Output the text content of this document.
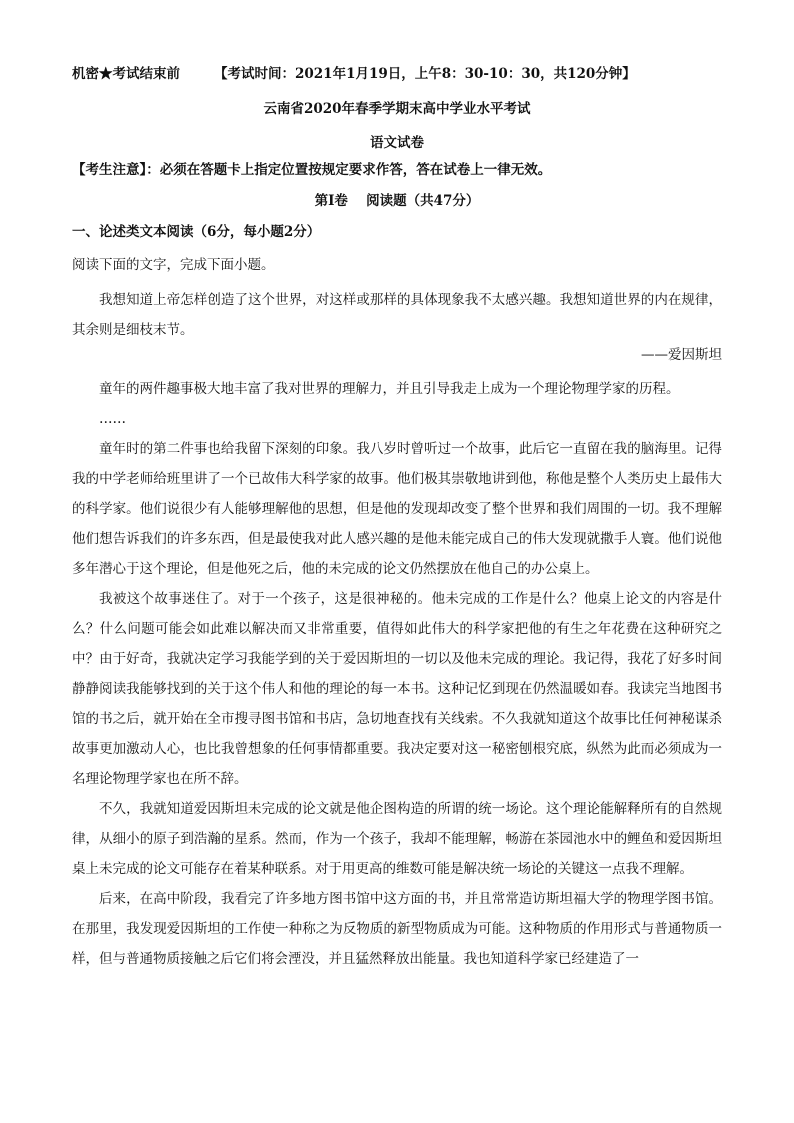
机密★考试结束前	【考试时间：2021年1月19日，上午8：30-10：30，共120分钟】
云南省2020年春季学期末高中学业水平考试
语文试卷
【考生注意】：必须在答题卡上指定位置按规定要求作答，答在试卷上一律无效。
第Ⅰ卷　 阅读题（共47分）
一、论述类文本阅读（6分，每小题2分）
阅读下面的文字，完成下面小题。

我想知道上帝怎样创造了这个世界，对这样或那样的具体现象我不太感兴趣。我想知道世界的内在规律，其余则是细枝末节。

——爱因斯坦

童年的两件趣事极大地丰富了我对世界的理解力，并且引导我走上成为一个理论物理学家的历程。

……

童年时的第二件事也给我留下深刻的印象。我八岁时曾听过一个故事，此后它一直留在我的脑海里。记得我的中学老师给班里讲了一个已故伟大科学家的故事。他们极其崇敬地讲到他，称他是整个人类历史上最伟大的科学家。他们说很少有人能够理解他的思想，但是他的发现却改变了整个世界和我们周围的一切。我不理解他们想告诉我们的许多东西，但是最使我对此人感兴趣的是他未能完成自己的伟大发现就撒手人寰。他们说他多年潜心于这个理论，但是他死之后，他的未完成的论文仍然摆放在他自己的办公桌上。

我被这个故事迷住了。对于一个孩子，这是很神秘的。他未完成的工作是什么？他桌上论文的内容是什么？什么问题可能会如此难以解决而又非常重要，值得如此伟大的科学家把他的有生之年花费在这种研究之中？由于好奇，我就决定学习我能学到的关于爱因斯坦的一切以及他未完成的理论。我记得，我花了好多时间静静阅读我能够找到的关于这个伟人和他的理论的每一本书。这种记忆到现在仍然温暖如春。我读完当地图书馆的书之后，就开始在全市搜寻图书馆和书店，急切地查找有关线索。不久我就知道这个故事比任何神秘谋杀故事更加激动人心，也比我曾想象的任何事情都重要。我决定要对这一秘密刨根究底，纵然为此而必须成为一名理论物理学家也在所不辞。

不久，我就知道爱因斯坦未完成的论文就是他企图构造的所谓的统一场论。这个理论能解释所有的自然规律，从细小的原子到浩瀚的星系。然而，作为一个孩子，我却不能理解，畅游在茶园池水中的鲤鱼和爱因斯坦桌上未完成的论文可能存在着某种联系。对于用更高的维数可能是解决统一场论的关键这一点我不理解。

后来，在高中阶段，我看完了许多地方图书馆中这方面的书，并且常常造访斯坦福大学的物理学图书馆。在那里，我发现爱因斯坦的工作使一种称之为反物质的新型物质成为可能。这种物质的作用形式与普通物质一样，但与普通物质接触之后它们将会湮没，并且猛然释放出能量。我也知道科学家已经建造了一
